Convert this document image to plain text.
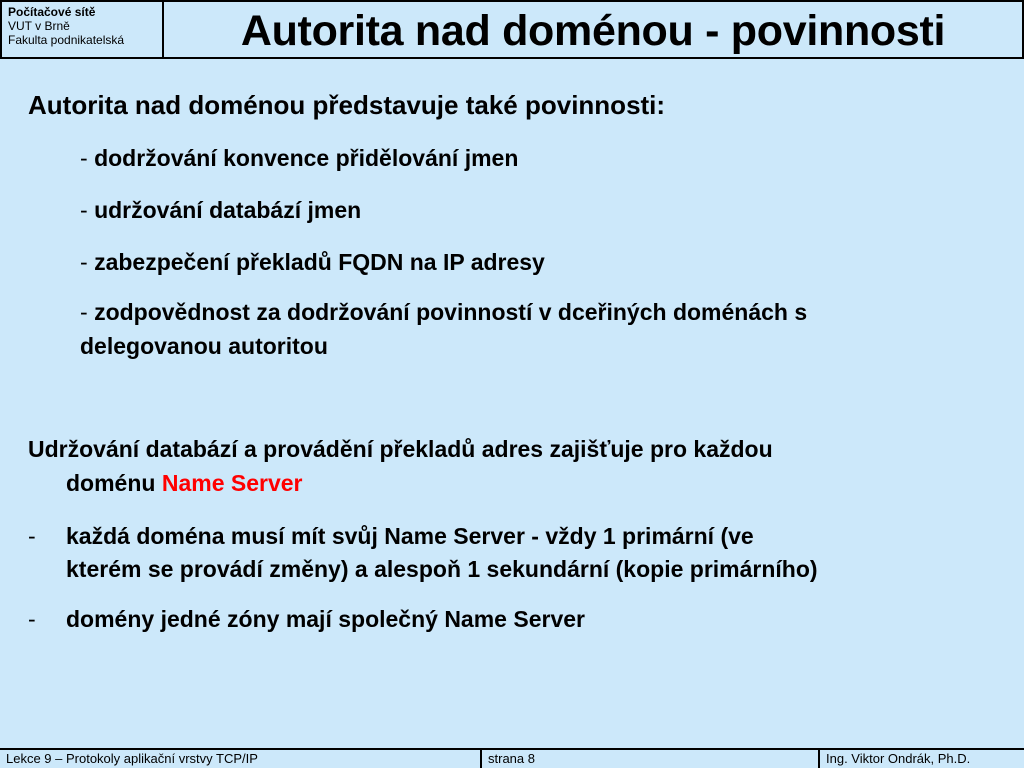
Počítačové sítě
VUT v Brně
Fakulta podnikatelská	Autorita nad doménou - povinnosti
Autorita nad doménou představuje také povinnosti:
- dodržování konvence přidělování jmen
- udržování databází jmen
- zabezpečení překladů FQDN na IP adresy
- zodpovědnost za dodržování povinností v dceřiných doménách s
delegovanou autoritou
Udržování databází a provádění překladů adres zajišťuje pro každou
doménu Name Server
- každá doména musí mít svůj Name Server - vždy 1 primární (ve
kterém se provádí změny) a alespoň 1 sekundární (kopie primárního)
- domény jedné zóny mají společný Name Server
Lekce 9 – Protokoly aplikační vrstvy TCP/IP	strana 8	Ing. Viktor Ondrák, Ph.D.
